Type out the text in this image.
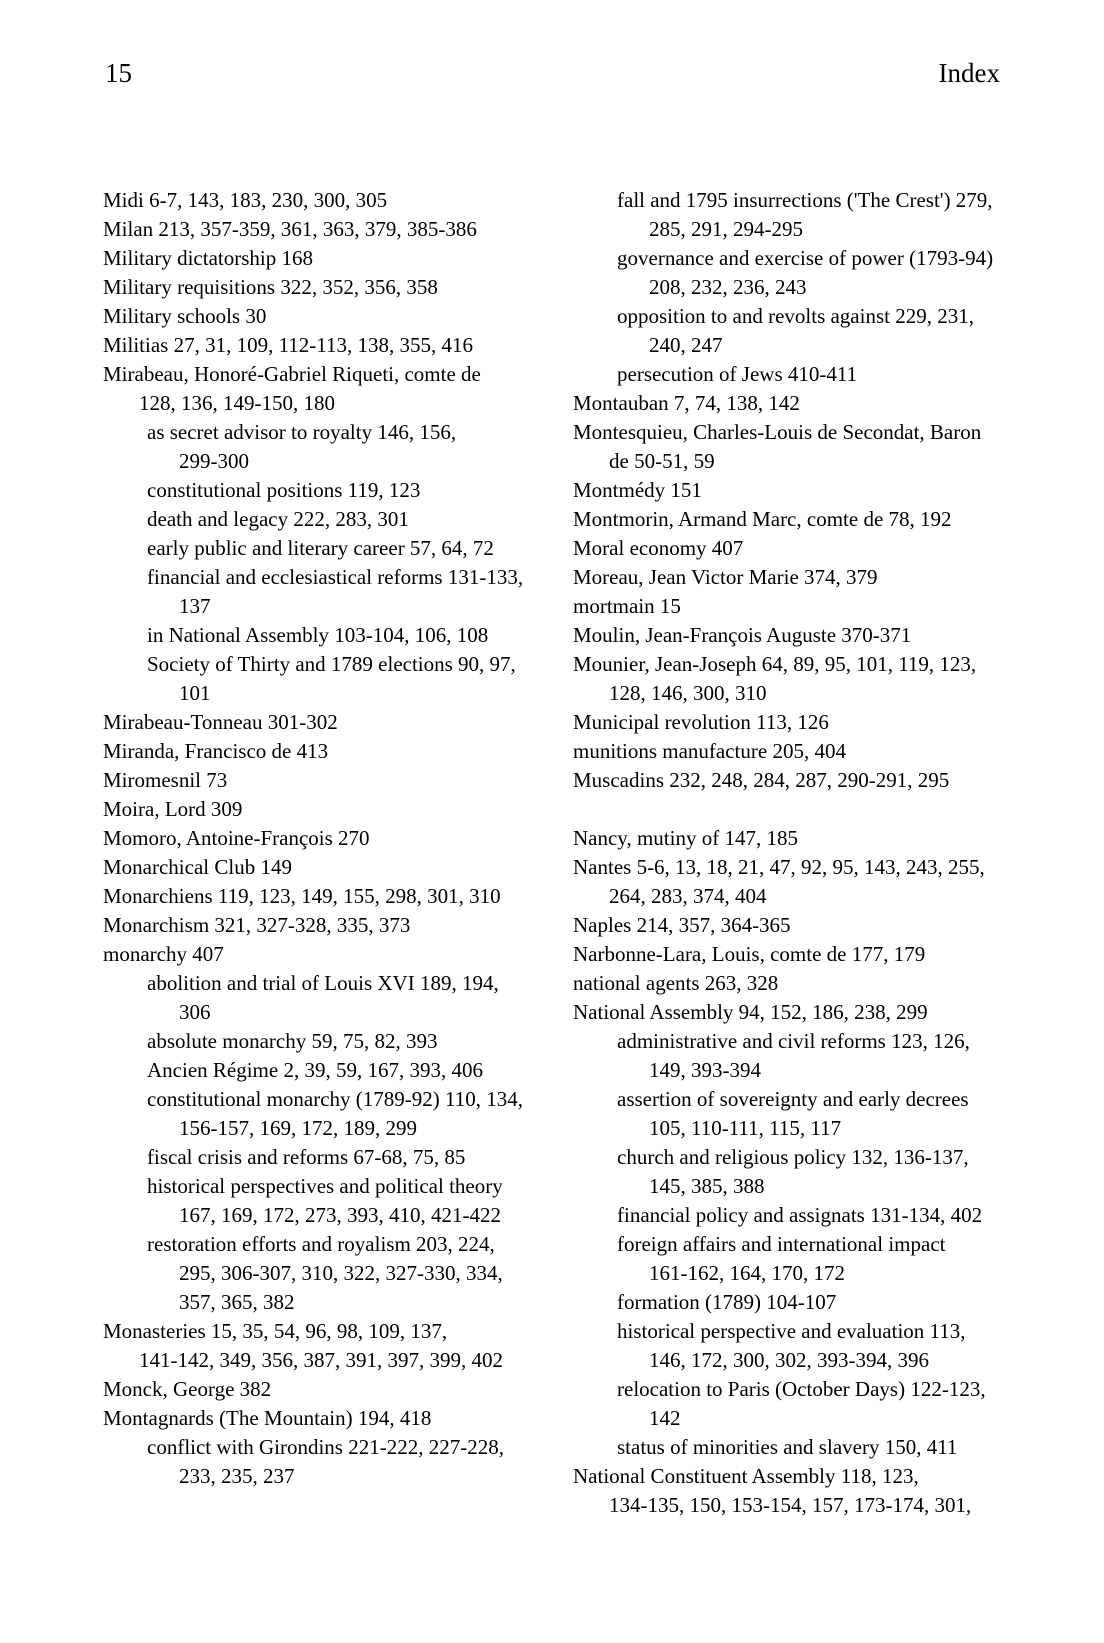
15	Index
Midi 6-7, 143, 183, 230, 300, 305
Milan 213, 357-359, 361, 363, 379, 385-386
Military dictatorship 168
Military requisitions 322, 352, 356, 358
Military schools 30
Militias 27, 31, 109, 112-113, 138, 355, 416
Mirabeau, Honoré-Gabriel Riqueti, comte de
128, 136, 149-150, 180
as secret advisor to royalty 146, 156,
299-300
constitutional positions 119, 123
death and legacy 222, 283, 301
early public and literary career 57, 64, 72
financial and ecclesiastical reforms 131-133,
137
in National Assembly 103-104, 106, 108
Society of Thirty and 1789 elections 90, 97,
101
Mirabeau-Tonneau 301-302
Miranda, Francisco de 413
Miromesnil 73
Moira, Lord 309
Momoro, Antoine-François 270
Monarchical Club 149
Monarchiens 119, 123, 149, 155, 298, 301, 310
Monarchism 321, 327-328, 335, 373
monarchy 407
abolition and trial of Louis XVI 189, 194,
306
absolute monarchy 59, 75, 82, 393
Ancien Régime 2, 39, 59, 167, 393, 406
constitutional monarchy (1789-92) 110, 134,
156-157, 169, 172, 189, 299
fiscal crisis and reforms 67-68, 75, 85
historical perspectives and political theory
167, 169, 172, 273, 393, 410, 421-422
restoration efforts and royalism 203, 224,
295, 306-307, 310, 322, 327-330, 334,
357, 365, 382
Monasteries 15, 35, 54, 96, 98, 109, 137,
141-142, 349, 356, 387, 391, 397, 399, 402
Monck, George 382
Montagnards (The Mountain) 194, 418
conflict with Girondins 221-222, 227-228,
233, 235, 237
fall and 1795 insurrections ('The Crest') 279,
285, 291, 294-295
governance and exercise of power (1793-94)
208, 232, 236, 243
opposition to and revolts against 229, 231,
240, 247
persecution of Jews 410-411
Montauban 7, 74, 138, 142
Montesquieu, Charles-Louis de Secondat, Baron
de 50-51, 59
Montmédy 151
Montmorin, Armand Marc, comte de 78, 192
Moral economy 407
Moreau, Jean Victor Marie 374, 379
mortmain 15
Moulin, Jean-François Auguste 370-371
Mounier, Jean-Joseph 64, 89, 95, 101, 119, 123,
128, 146, 300, 310
Municipal revolution 113, 126
munitions manufacture 205, 404
Muscadins 232, 248, 284, 287, 290-291, 295
Nancy, mutiny of 147, 185
Nantes 5-6, 13, 18, 21, 47, 92, 95, 143, 243, 255,
264, 283, 374, 404
Naples 214, 357, 364-365
Narbonne-Lara, Louis, comte de 177, 179
national agents 263, 328
National Assembly 94, 152, 186, 238, 299
administrative and civil reforms 123, 126,
149, 393-394
assertion of sovereignty and early decrees
105, 110-111, 115, 117
church and religious policy 132, 136-137,
145, 385, 388
financial policy and assignats 131-134, 402
foreign affairs and international impact
161-162, 164, 170, 172
formation (1789) 104-107
historical perspective and evaluation 113,
146, 172, 300, 302, 393-394, 396
relocation to Paris (October Days) 122-123,
142
status of minorities and slavery 150, 411
National Constituent Assembly 118, 123,
134-135, 150, 153-154, 157, 173-174, 301,
